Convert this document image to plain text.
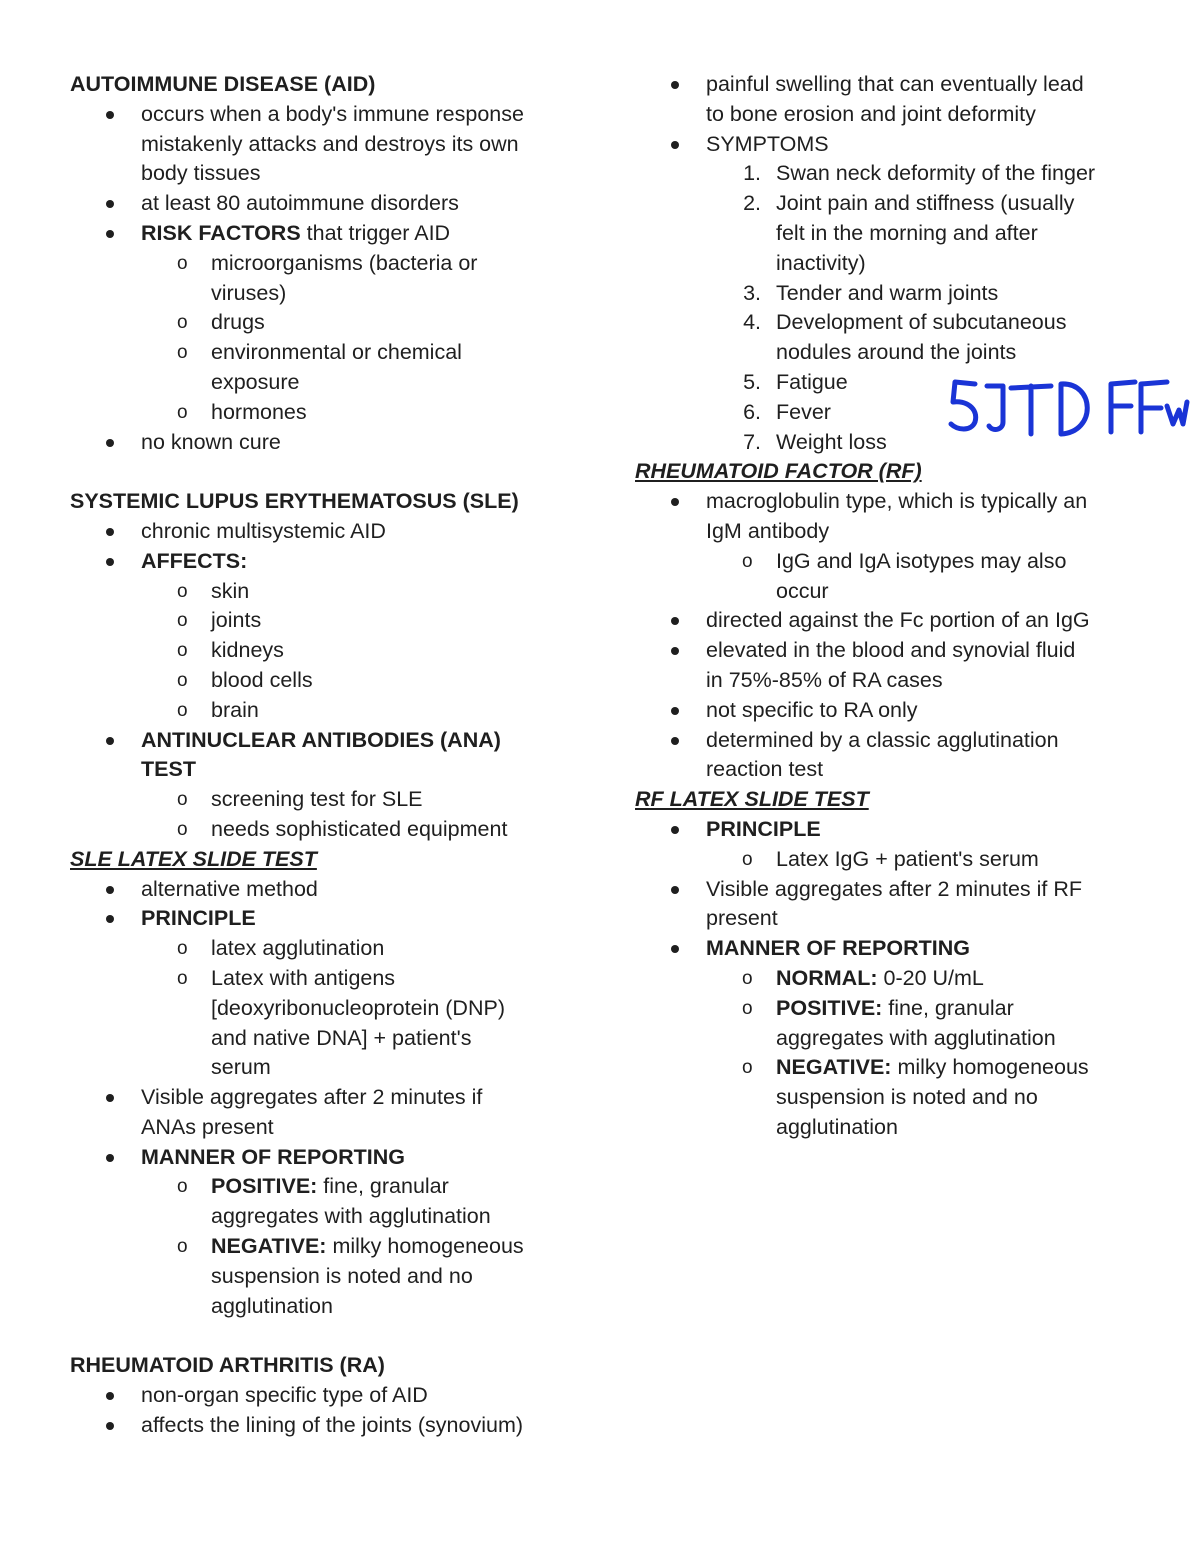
AUTOIMMUNE DISEASE (AID)
occurs when a body's immune response
mistakenly attacks and destroys its own
body tissues
at least 80 autoimmune disorders
RISK FACTORS that trigger AID
o microorganisms (bacteria or
viruses)
o drugs
o environmental or chemical
exposure
o hormones
no known cure
SYSTEMIC LUPUS ERYTHEMATOSUS (SLE)
chronic multisystemic AID
AFFECTS:
o skin
o joints
o kidneys
o blood cells
o brain
ANTINUCLEAR ANTIBODIES (ANA)
TEST
o screening test for SLE
o needs sophisticated equipment
SLE LATEX SLIDE TEST
alternative method
PRINCIPLE
o latex agglutination
o Latex with antigens
[deoxyribonucleoprotein (DNP)
and native DNA] + patient's
serum
Visible aggregates after 2 minutes if
ANAs present
MANNER OF REPORTING
o POSITIVE: fine, granular
aggregates with agglutination
o NEGATIVE: milky homogeneous
suspension is noted and no
agglutination
RHEUMATOID ARTHRITIS (RA)
non-organ specific type of AID
affects the lining of the joints (synovium)
painful swelling that can eventually lead
to bone erosion and joint deformity
SYMPTOMS
1. Swan neck deformity of the finger
2. Joint pain and stiffness (usually
felt in the morning and after
inactivity)
3. Tender and warm joints
4. Development of subcutaneous
nodules around the joints
5. Fatigue
6. Fever
7. Weight loss
RHEUMATOID FACTOR (RF)
macroglobulin type, which is typically an
IgM antibody
o IgG and IgA isotypes may also
occur
directed against the Fc portion of an IgG
elevated in the blood and synovial fluid
in 75%-85% of RA cases
not specific to RA only
determined by a classic agglutination
reaction test
RF LATEX SLIDE TEST
PRINCIPLE
o Latex IgG + patient's serum
Visible aggregates after 2 minutes if RF
present
MANNER OF REPORTING
o NORMAL: 0-20 U/mL
o POSITIVE: fine, granular
aggregates with agglutination
o NEGATIVE: milky homogeneous
suspension is noted and no
agglutination
